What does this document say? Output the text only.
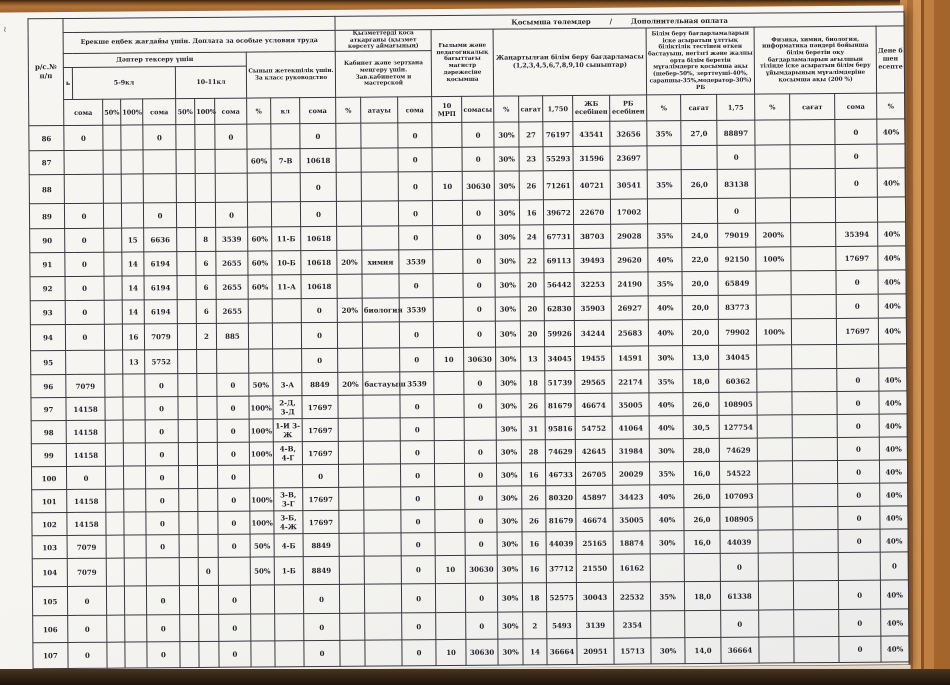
ι
р/с.№
п/п												Қосымша төлемдер        /        Дополнительная оплата																
Ерекше еңбек жағдайы үшін. Доплата за особые условия труда	Қызметтерді қоса атқарғаны (қызмет көрсету аймағының)	Ғылыми және педагогикалық бағыттағы магистр дәрежесіне қосымша	Жаңартылған білім беру бағдарламасы (1,2,3,4,5,6,7,8,9,10 сыныптар)	Білім беру бағдарламаларын іске асыратын ұлттық біліктілік тестінен өткен бастауыш, негізгі және жалпы орта білім беретін мұғалімдерге қосымша ақы (шебер-50%, зерттеуші-40%, сарапшы-35%,модератор-30%) РБ	Физика, химия, биология, информатика пәндері бойынша білім беретін оқу бағдарламаларын ағылшын тілінде іске асыратын білім беру ұйымдарының мұғалімдеріне қосымша ақы (200 %)	Дене б
шен
есепте
	Дәптер тексеру үшін								Сынып жетекшілік үшін. За класс руководство			Кабинет және зертхана меңгеру үшін. Зав.кабинетом и мастерской																
	ь	5-9кл				10-11кл																						
	сома		50%	100%	сома	50%	100%	сома	%	кл	сома	%	атауы	сома	10 МРП	сомасы	%	сағат	1,750	ЖБ есебінен	РБ есебінен	%	сағат	1,75	%	сағат	сома	%
86	0				0			0			0			0		0	30%	27	76197	43541	32656	35%	27,0	88897			0	40%
87									60%	7-В	10618			0		0	30%	23	55293	31596	23697			0			0	
88											0			0	10	30630	30%	26	71261	40721	30541	35%	26,0	83138			0	40%
89	0				0			0			0			0		0	30%	16	39672	22670	17002			0				
90	0			15	6636		8	3539	60%	11-Б	10618			0		0	30%	24	67731	38703	29028	35%	24,0	79019	200%		35394	40%
91	0			14	6194		6	2655	60%	10-Б	10618	20%	химия	3539		0	30%	22	69113	39493	29620	40%	22,0	92150	100%		17697	40%
92	0			14	6194		6	2655	60%	11-А	10618			0		0	30%	20	56442	32253	24190	35%	20,0	65849			0	40%
93	0			14	6194		6	2655			0	20%	биология	3539		0	30%	20	62830	35903	26927	40%	20,0	83773			0	40%
94	0			16	7079		2	885			0			0		0	30%	20	59926	34244	25683	40%	20,0	79902	100%		17697	40%
95				13	5752						0			0	10	30630	30%	13	34045	19455	14591	30%	13,0	34045				
96	7079				0			0	50%	3-А	8849	20%	бастауыш	3539		0	30%	18	51739	29565	22174	35%	18,0	60362			0	40%
97	14158				0			0	100%	2-Д, 3-Д	17697			0		0	30%	26	81679	46674	35005	40%	26,0	108905			0	40%
98	14158				0			0	100%	1-И 3-Ж	17697			0			30%	31	95816	54752	41064	40%	30,5	127754			0	40%
99	14158				0			0	100%	4-В, 4-Г	17697			0		0	30%	28	74629	42645	31984	30%	28,0	74629			0	40%
100	0				0			0			0			0		0	30%	16	46733	26705	20029	35%	16,0	54522			0	40%
101	14158				0			0	100%	3-В, 3-Г	17697			0		0	30%	26	80320	45897	34423	40%	26,0	107093			0	40%
102	14158				0			0	100%	3-Б, 4-Ж	17697			0		0	30%	26	81679	46674	35005	40%	26,0	108905			0	40%
103	7079				0			0	50%	4-Б	8849			0		0	30%	16	44039	25165	18874	30%	16,0	44039			0	40%
104	7079						0		50%	1-Б	8849			0	10	30630	30%	16	37712	21550	16162			0				0
105	0				0			0			0			0		0	30%	18	52575	30043	22532	35%	18,0	61338			0	40%
106	0				0			0			0			0		0	30%	2	5493	3139	2354			0			0	40%
107	0				0			0			0			0	10	30630	30%	14	36664	20951	15713	30%	14,0	36664			0	40%
